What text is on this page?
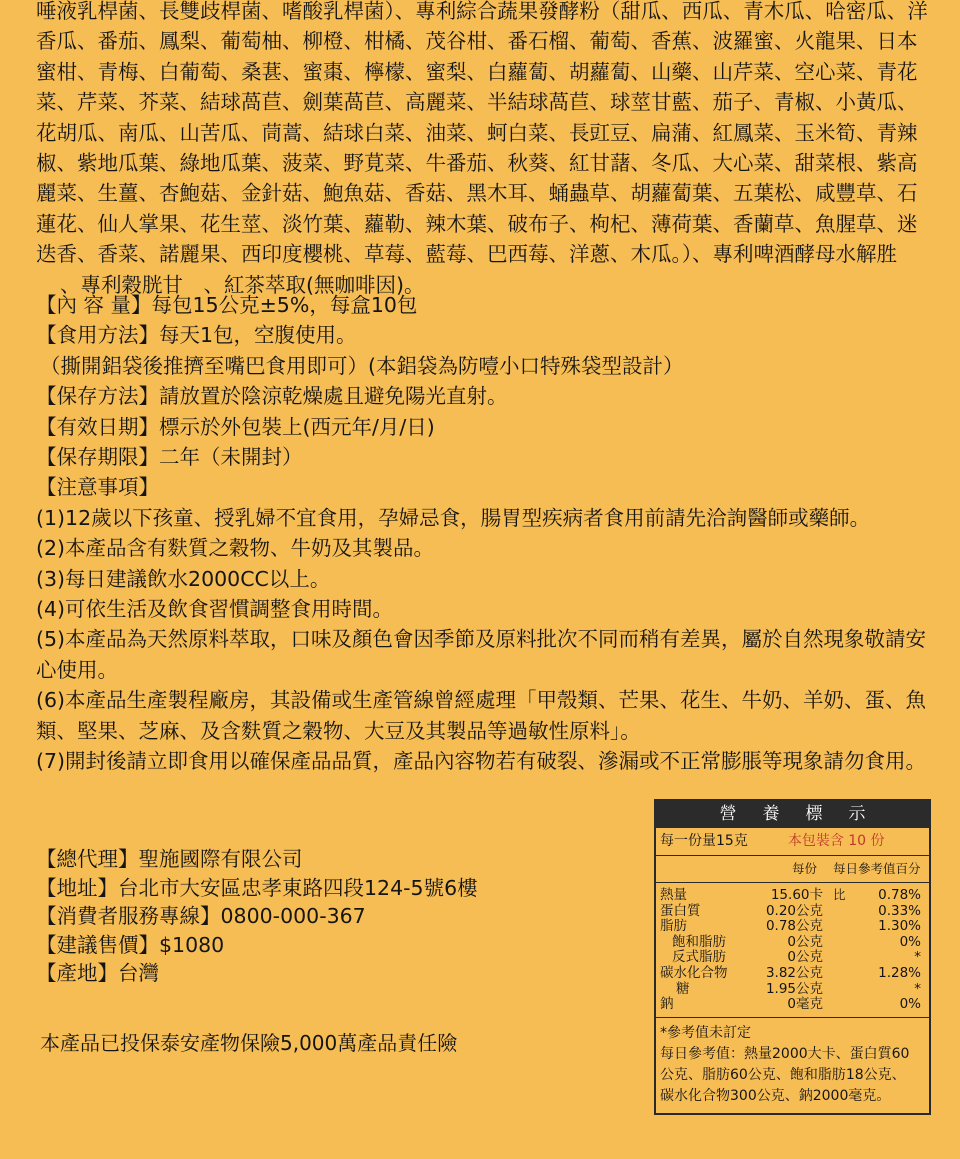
唾液乳桿菌、長雙歧桿菌、嗜酸乳桿菌）、專利綜合蔬果發酵粉（甜瓜、西瓜、青木瓜、哈密瓜、洋

香瓜、番茄、鳳梨、葡萄柚、柳橙、柑橘、茂谷柑、番石榴、葡萄、香蕉、波羅蜜、火龍果、日本

蜜柑、青梅、白葡萄、桑葚、蜜棗、檸檬、蜜梨、白蘿蔔、胡蘿蔔、山藥、山芹菜、空心菜、青花

菜、芹菜、芥菜、結球萵苣、劍葉萵苣、高麗菜、半結球萵苣、球莖甘藍、茄子、青椒、小黃瓜、

花胡瓜、南瓜、山苦瓜、茼蒿、結球白菜、油菜、蚵白菜、長豇豆、扁蒲、紅鳳菜、玉米筍、青辣

椒、紫地瓜葉、綠地瓜葉、菠菜、野莧菜、牛番茄、秋葵、紅甘藷、冬瓜、大心菜、甜菜根、紫高

麗菜、生薑、杏鮑菇、金針菇、鮑魚菇、香菇、黑木耳、蛹蟲草、胡蘿蔔葉、五葉松、咸豐草、石

蓮花、仙人掌果、花生莖、淡竹葉、蘿勒、辣木葉、破布子、枸杞、薄荷葉、香蘭草、魚腥草、迷

迭香、香菜、諾麗果、西印度櫻桃、草莓、藍莓、巴西莓、洋蔥、木瓜。）、專利啤酒酵母水解胜

、專利穀胱甘　、紅茶萃取(無咖啡因)。

【內 容 量】每包15公克±5%，每盒10包

【食用方法】每天1包，空腹使用。

（撕開鋁袋後推擠至嘴巴食用即可）(本鋁袋為防噎小口特殊袋型設計）

【保存方法】請放置於陰涼乾燥處且避免陽光直射。

【有效日期】標示於外包裝上(西元年/月/日)

【保存期限】二年（未開封）

【注意事項】

(1)12歲以下孩童、授乳婦不宜食用，孕婦忌食，腸胃型疾病者食用前請先洽詢醫師或藥師。

(2)本產品含有麩質之穀物、牛奶及其製品。

(3)每日建議飲水2000CC以上。

(4)可依生活及飲食習慣調整食用時間。

(5)本產品為天然原料萃取，口味及顏色會因季節及原料批次不同而稍有差異，屬於自然現象敬請安

心使用。

(6)本產品生產製程廠房，其設備或生產管線曾經處理「甲殼類、芒果、花生、牛奶、羊奶、蛋、魚

類、堅果、芝麻、及含麩質之穀物、大豆及其製品等過敏性原料」。

(7)開封後請立即食用以確保產品品質，產品內容物若有破裂、滲漏或不正常膨脹等現象請勿食用。

【總代理】聖施國際有限公司

【地址】台北市大安區忠孝東路四段124-5號6樓

【消費者服務專線】0800-000-367

【建議售價】$1080

【產地】台灣

本產品已投保泰安產物保險5,000萬產品責任險
營養標示
每一份量15克	本包裝含 10 份
每份 每日參考值百分比
熱量	15.60卡	0.78%
蛋白質	0.20公克	0.33%
脂肪	0.78公克	1.30%
飽和脂肪	0公克	0%
反式脂肪	0公克	*
碳水化合物	3.82公克	1.28%
糖	1.95公克	*
鈉	0毫克	0%

*參考值未訂定

每日參考值：熱量2000大卡、蛋白質60

公克、脂肪60公克、飽和脂肪18公克、

碳水化合物300公克、鈉2000毫克。
